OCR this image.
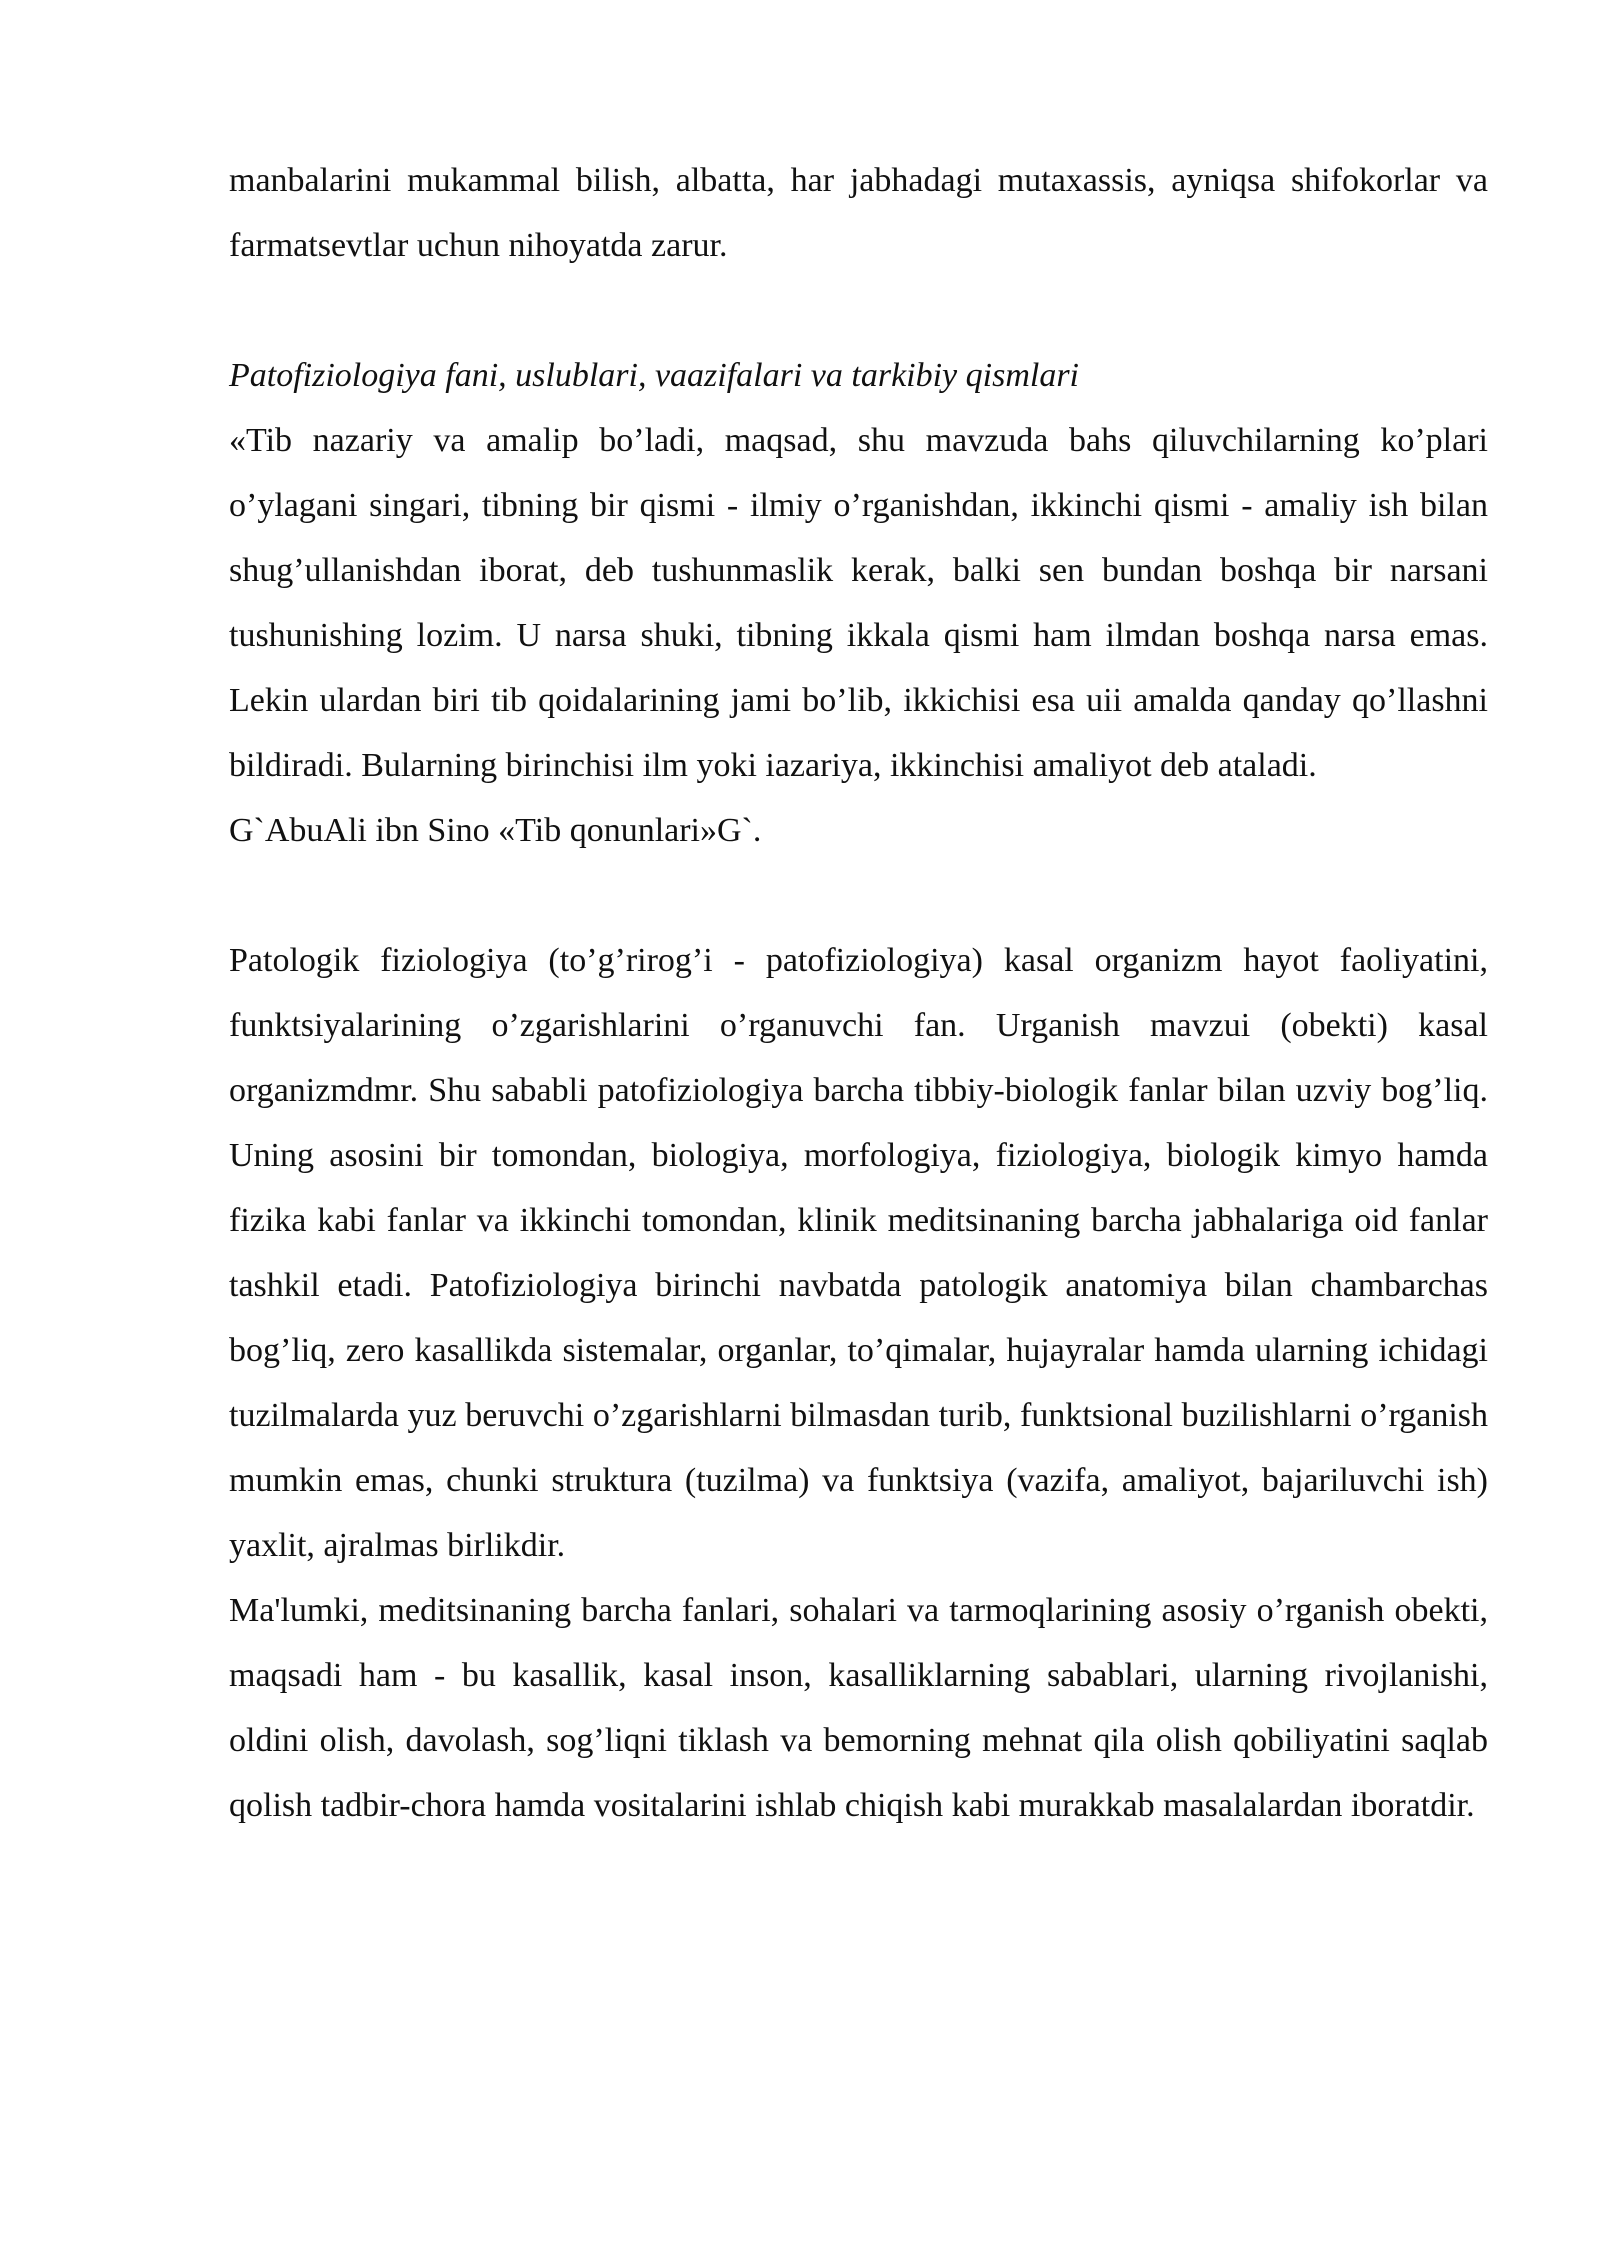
manbalarini mukammal bilish, albatta, har jabhadagi mutaxassis, ayniqsa shifokorlar va farmatsevtlar uchun nihoyatda zarur.

Patofiziologiya fani, uslublari, vaazifalari va tarkibiy qismlari

«Tib nazariy va amalip bo’ladi, maqsad, shu mavzuda bahs qiluvchilarning ko’plari o’ylagani singari, tibning bir qismi - ilmiy o’rganishdan, ikkinchi qismi - amaliy ish bilan shug’ullanishdan iborat, deb tushunmaslik kerak, balki sen bundan boshqa bir narsani tushunishing lozim. U narsa shuki, tibning ikkala qismi ham ilmdan boshqa narsa emas. Lekin ulardan biri tib qoidalarining jami bo’lib, ikkichisi esa uii amalda qanday qo’llashni bildiradi. Bularning birinchisi ilm yoki iazariya, ikkinchisi amaliyot deb ataladi.

G`AbuAli ibn Sino «Tib qonunlari»G`.

Patologik fiziologiya (to’g’rirog’i - patofiziologiya) kasal organizm hayot faoliyatini, funktsiyalarining o’zgarishlarini o’rganuvchi fan. Urganish mavzui (obekti) kasal organizmdmr. Shu sababli patofiziologiya barcha tibbiy-biologik fanlar bilan uzviy bog’liq. Uning asosini bir tomondan, biologiya, morfologiya, fiziologiya, biologik kimyo hamda fizika kabi fanlar va ikkinchi tomondan, klinik meditsinaning barcha jabhalariga oid fanlar tashkil etadi. Patofiziologiya birinchi navbatda patologik anatomiya bilan chambarchas bog’liq, zero kasallikda sistemalar, organlar, to’qimalar, hujayralar hamda ularning ichidagi tuzilmalarda yuz beruvchi o’zgarishlarni bilmasdan turib, funktsional buzilishlarni o’rganish mumkin emas, chunki struktura (tuzilma) va funktsiya (vazifa, amaliyot, bajariluvchi ish) yaxlit, ajralmas birlikdir.

Ma'lumki, meditsinaning barcha fanlari, sohalari va tarmoqlarining asosiy o’rganish obekti, maqsadi ham - bu kasallik, kasal inson, kasalliklarning sabablari, ularning rivojlanishi, oldini olish, davolash, sog’liqni tiklash va bemorning mehnat qila olish qobiliyatini saqlab qolish tadbir-chora hamda vositalarini ishlab chiqish kabi murakkab masalalardan iboratdir.
